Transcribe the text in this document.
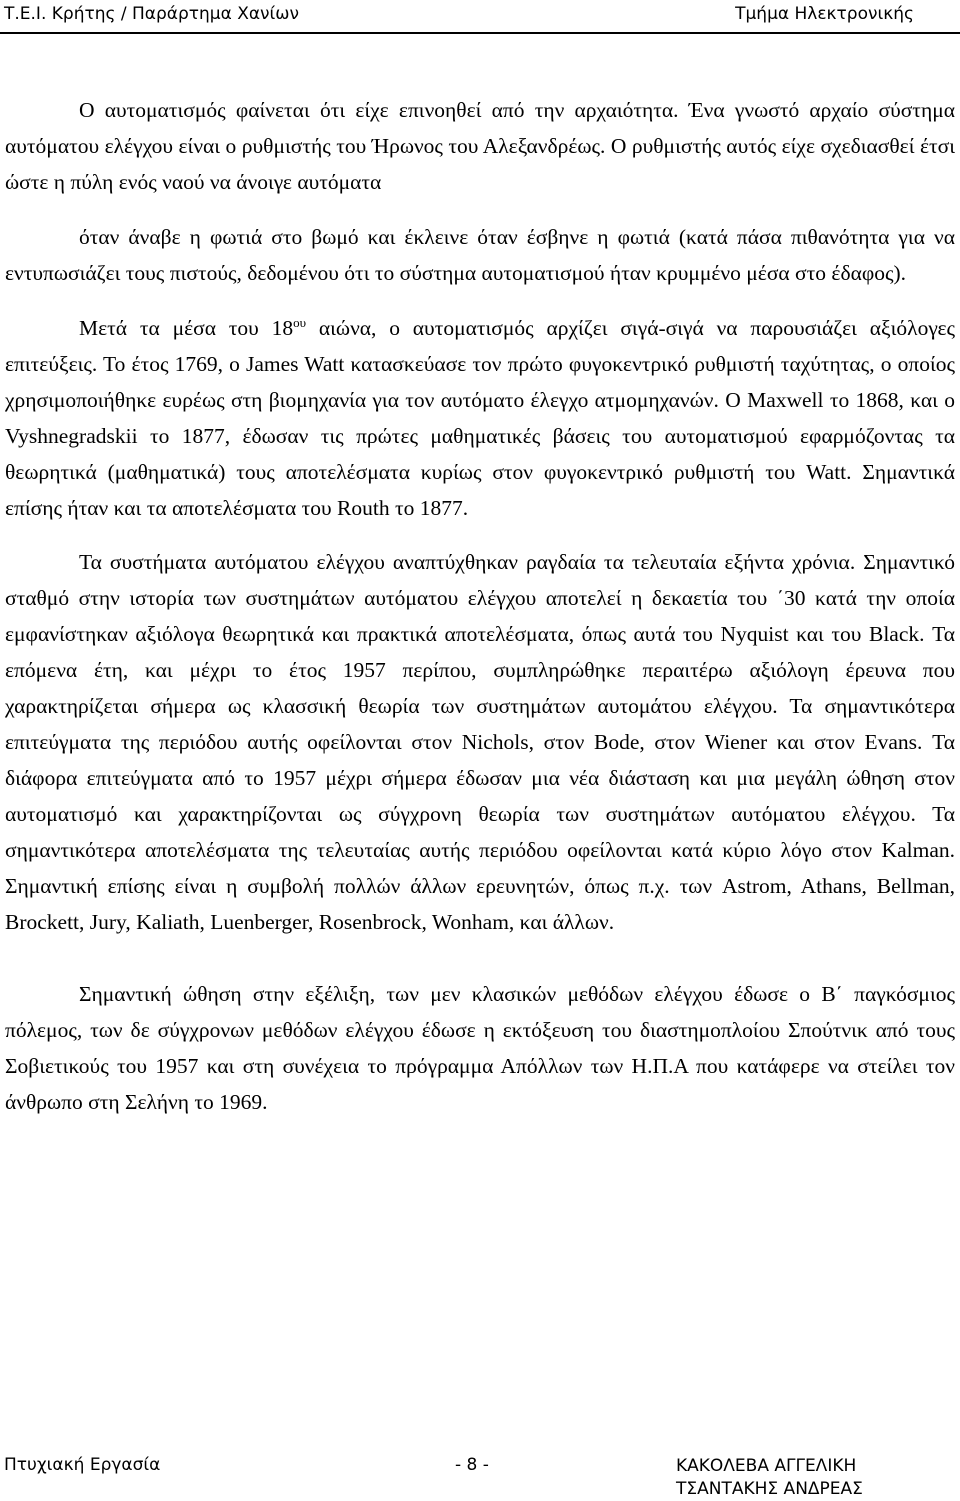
Τ.Ε.Ι. Κρήτης / Παράρτημα Χανίων	Τμήμα Ηλεκτρονικής

Ο αυτοματισμός φαίνεται ότι είχε επινοηθεί από την αρχαιότητα. Ένα γνωστό αρχαίο σύστημα αυτόματου ελέγχου είναι ο ρυθμιστής του Ήρωνος του Αλεξανδρέως. Ο ρυθμιστής αυτός είχε σχεδιασθεί έτσι ώστε η πύλη ενός ναού να άνοιγε αυτόματα

όταν άναβε η φωτιά στο βωμό και έκλεινε όταν έσβηνε η φωτιά (κατά πάσα πιθανότητα για να εντυπωσιάζει τους πιστούς, δεδομένου ότι το σύστημα αυτοματισμού ήταν κρυμμένο μέσα στο έδαφος).

Μετά τα μέσα του $18^{o\upsilon}$ αιώνα, ο αυτοματισμός αρχίζει σιγά-σιγά να παρουσιάζει αξιόλογες επιτεύξεις. Το έτος 1769, ο James Watt κατασκεύασε τον πρώτο φυγοκεντρικό ρυθμιστή ταχύτητας, ο οποίος χρησιμοποιήθηκε ευρέως στη βιομηχανία για τον αυτόματο έλεγχο ατμομηχανών. Ο Maxwell το 1868, και ο Vyshnegradskii το 1877, έδωσαν τις πρώτες μαθηματικές βάσεις του αυτοματισμού εφαρμόζοντας τα θεωρητικά (μαθηματικά) τους αποτελέσματα κυρίως στον φυγοκεντρικό ρυθμιστή του Watt. Σημαντικά επίσης ήταν και τα αποτελέσματα του Routh το 1877.

Τα συστήματα αυτόματου ελέγχου αναπτύχθηκαν ραγδαία τα τελευταία εξήντα χρόνια. Σημαντικό σταθμό στην ιστορία των συστημάτων αυτόματου ελέγχου αποτελεί η δεκαετία του ΄30 κατά την οποία εμφανίστηκαν αξιόλογα θεωρητικά και πρακτικά αποτελέσματα, όπως αυτά του Nyquist και του Black. Τα επόμενα έτη, και μέχρι το έτος 1957 περίπου, συμπληρώθηκε περαιτέρω αξιόλογη έρευνα που χαρακτηρίζεται σήμερα ως κλασσική θεωρία των συστημάτων αυτομάτου ελέγχου. Τα σημαντικότερα επιτεύγματα της περιόδου αυτής οφείλονται στον Nichols, στον Bode, στον Wiener και στον Evans. Τα διάφορα επιτεύγματα από το 1957 μέχρι σήμερα έδωσαν μια νέα διάσταση και μια μεγάλη ώθηση στον αυτοματισμό και χαρακτηρίζονται ως σύγχρονη θεωρία των συστημάτων αυτόματου ελέγχου. Τα σημαντικότερα αποτελέσματα της τελευταίας αυτής περιόδου οφείλονται κατά κύριο λόγο στον Kalman. Σημαντική επίσης είναι η συμβολή πολλών άλλων ερευνητών, όπως π.χ. των Astrom, Athans, Bellman, Brockett, Jury, Kaliath, Luenberger, Rosenbrock, Wonham, και άλλων.

Σημαντική ώθηση στην εξέλιξη, των μεν κλασικών μεθόδων ελέγχου έδωσε ο Β΄ παγκόσμιος πόλεμος, των δε σύγχρονων μεθόδων ελέγχου έδωσε η εκτόξευση του διαστημοπλοίου Σπούτνικ από τους Σοβιετικούς του 1957 και στη συνέχεια το πρόγραμμα Απόλλων των Η.Π.Α που κατάφερε να στείλει τον άνθρωπο στη Σελήνη το 1969.

Πτυχιακή Εργασία	- 8 -	ΚΑΚΟΛΕΒΑ ΑΓΓΕΛΙΚΗ
ΤΣΑΝΤΑΚΗΣ ΑΝΔΡΕΑΣ
